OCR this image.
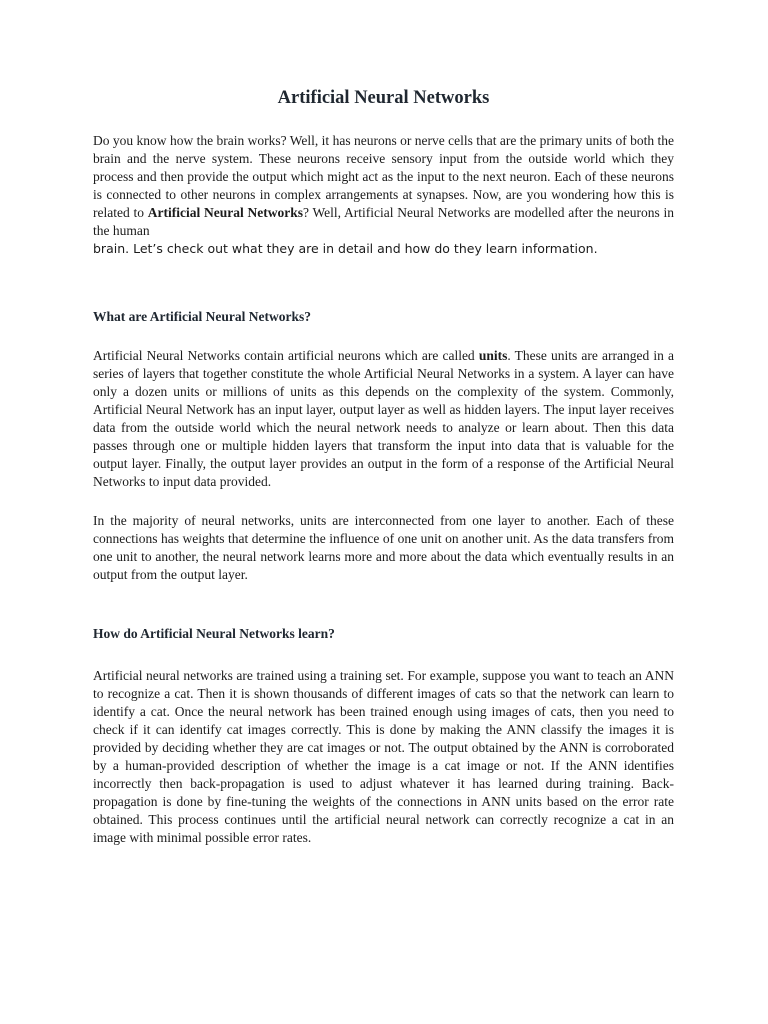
Artificial Neural Networks

Do you know how the brain works? Well, it has neurons or nerve cells that are the primary units of both the brain and the nerve system. These neurons receive sensory input from the outside world which they process and then provide the output which might act as the input to the next neuron. Each of these neurons is connected to other neurons in complex arrangements at synapses. Now, are you wondering how this is related to Artificial Neural Networks? Well, Artificial Neural Networks are modelled after the neurons in the human

brain. Let’s check out what they are in detail and how do they learn information.

What are Artificial Neural Networks?

Artificial Neural Networks contain artificial neurons which are called units. These units are arranged in a series of layers that together constitute the whole Artificial Neural Networks in a system. A layer can have only a dozen units or millions of units as this depends on the complexity of the system. Commonly, Artificial Neural Network has an input layer, output layer as well as hidden layers. The input layer receives data from the outside world which the neural network needs to analyze or learn about. Then this data passes through one or multiple hidden layers that transform the input into data that is valuable for the output layer. Finally, the output layer provides an output in the form of a response of the Artificial Neural Networks to input data provided.

In the majority of neural networks, units are interconnected from one layer to another. Each of these connections has weights that determine the influence of one unit on another unit. As the data transfers from one unit to another, the neural network learns more and more about the data which eventually results in an output from the output layer.

How do Artificial Neural Networks learn?

Artificial neural networks are trained using a training set. For example, suppose you want to teach an ANN to recognize a cat. Then it is shown thousands of different images of cats so that the network can learn to identify a cat. Once the neural network has been trained enough using images of cats, then you need to check if it can identify cat images correctly. This is done by making the ANN classify the images it is provided by deciding whether they are cat images or not. The output obtained by the ANN is corroborated by a human-provided description of whether the image is a cat image or not. If the ANN identifies incorrectly then back-propagation is used to adjust whatever it has learned during training. Back-propagation is done by fine-tuning the weights of the connections in ANN units based on the error rate obtained. This process continues until the artificial neural network can correctly recognize a cat in an image with minimal possible error rates.
